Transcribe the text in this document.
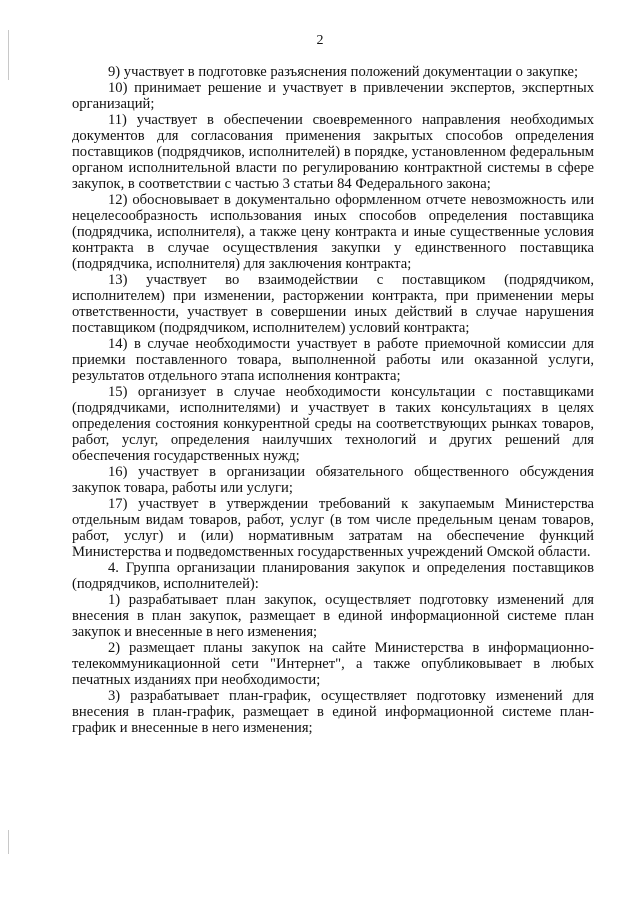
2

9) участвует в подготовке разъяснения положений документации о закупке;

10) принимает решение и участвует в привлечении экспертов, экспертных организаций;

11) участвует в обеспечении своевременного направления необходимых документов для согласования применения закрытых способов определения поставщиков (подрядчиков, исполнителей) в порядке, установленном федеральным органом исполнительной власти по регулированию контрактной системы в сфере закупок, в соответствии с частью 3 статьи 84 Федерального закона;

12) обосновывает в документально оформленном отчете невозможность или нецелесообразность использования иных способов определения поставщика (подрядчика, исполнителя), а также цену контракта и иные существенные условия контракта в случае осуществления закупки у единственного поставщика (подрядчика, исполнителя) для заключения контракта;

13) участвует во взаимодействии с поставщиком (подрядчиком, исполнителем) при изменении, расторжении контракта, при применении меры ответственности, участвует в совершении иных действий в случае нарушения поставщиком (подрядчиком, исполнителем) условий контракта;

14) в случае необходимости участвует в работе приемочной комиссии для приемки поставленного товара, выполненной работы или оказанной услуги, результатов отдельного этапа исполнения контракта;

15) организует в случае необходимости консультации с поставщиками (подрядчиками, исполнителями) и участвует в таких консультациях в целях определения состояния конкурентной среды на соответствующих рынках товаров, работ, услуг, определения наилучших технологий и других решений для обеспечения государственных нужд;

16) участвует в организации обязательного общественного обсуждения закупок товара, работы или услуги;

17) участвует в утверждении требований к закупаемым Министерства отдельным видам товаров, работ, услуг (в том числе предельным ценам товаров, работ, услуг) и (или) нормативным затратам на обеспечение функций Министерства и подведомственных государственных учреждений Омской области.

4. Группа организации планирования закупок и определения поставщиков (подрядчиков, исполнителей):

1) разрабатывает план закупок, осуществляет подготовку изменений для внесения в план закупок, размещает в единой информационной системе план закупок и внесенные в него изменения;

2) размещает планы закупок на сайте Министерства в информационно-телекоммуникационной сети "Интернет", а также опубликовывает в любых печатных изданиях при необходимости;

3) разрабатывает план-график, осуществляет подготовку изменений для внесения в план-график, размещает в единой информационной системе план-график и внесенные в него изменения;
